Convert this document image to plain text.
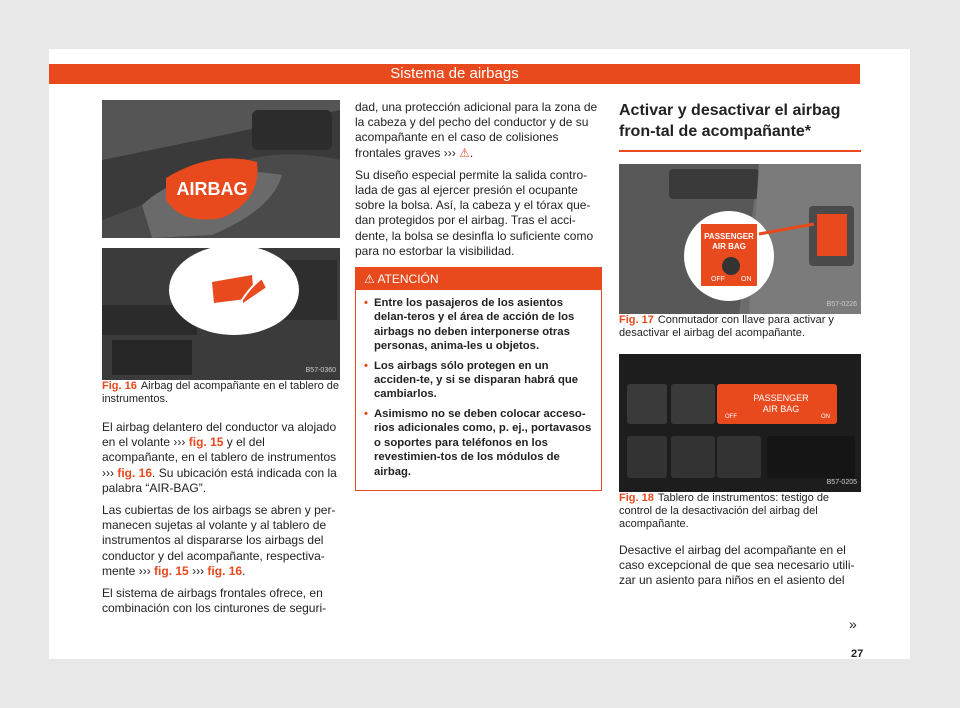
Sistema de airbags
AIRBAG
B57-0360

Fig. 16 Airbag del acompañante en el tablero de instrumentos.

El airbag delantero del conductor va alojado en el volante ››› fig. 15 y el del acompañante, en el tablero de instrumentos ››› fig. 16. Su ubicación está indicada con la palabra “AIR-BAG”.

Las cubiertas de los airbags se abren y per-manecen sujetas al volante y al tablero de instrumentos al dispararse los airbags del conductor y del acompañante, respectiva-mente ››› fig. 15 ››› fig. 16.

El sistema de airbags frontales ofrece, en combinación con los cinturones de seguri-

dad, una protección adicional para la zona de la cabeza y del pecho del conductor y de su acompañante en el caso de colisiones frontales graves ››› ⚠.

Su diseño especial permite la salida contro-lada de gas al ejercer presión el ocupante sobre la bolsa. Así, la cabeza y el tórax que-dan protegidos por el airbag. Tras el acci-dente, la bolsa se desinfla lo suficiente como para no estorbar la visibilidad.

⚠ ATENCIÓN
• Entre los pasajeros de los asientos delan-teros y el área de acción de los airbags no deben interponerse otras personas, anima-les u objetos.
• Los airbags sólo protegen en un acciden-te, y si se disparan habrá que cambiarlos.
• Asimismo no se deben colocar acceso-rios adicionales como, p. ej., portavasos o soportes para teléfonos en los revestimien-tos de los módulos de airbag.
Activar y desactivar el airbag fron-tal de acompañante*
PASSENGER
AIR BAG
OFF ON
B57-0226

Fig. 17 Conmutador con llave para activar y desactivar el airbag del acompañante.

PASSENGER
AIR BAG
OFF	ON
B57-0205

Fig. 18 Tablero de instrumentos: testigo de control de la desactivación del airbag del acompañante.

Desactive el airbag del acompañante en el caso excepcional de que sea necesario utili-zar un asiento para niños en el asiento del

»
27
